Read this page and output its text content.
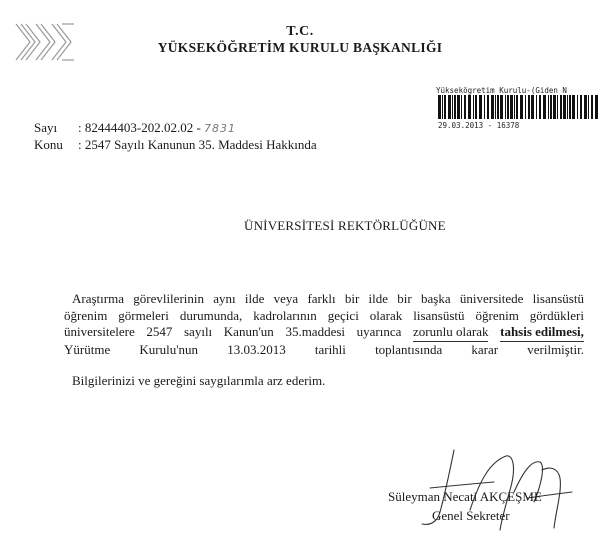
T.C.
YÜKSEKÖĞRETİM KURULU BAŞKANLIĞI
Yüksekögretim Kurulu-(Giden N
29.03.2013 - 16378
Sayı : 82444403-202.02.02 - 7831
Konu : 2547 Sayılı Kanunun 35. Maddesi Hakkında
ÜNİVERSİTESİ REKTÖRLÜĞÜNE
Araştırma görevlilerinin aynı ilde veya farklı bir ilde bir başka üniversitede lisansüstü
öğrenim görmeleri durumunda, kadrolarının geçici olarak lisansüstü öğrenim gördükleri
üniversitelere 2547 sayılı Kanun'un 35.maddesi uyarınca zorunlu olarak tahsis edilmesi,
Yürütme Kurulu'nun 13.03.2013 tarihli toplantısında karar verilmiştir.
Bilgilerinizi ve gereğini saygılarımla arz ederim.
Süleyman Necati AKÇEŞME
Genel Sekreter
